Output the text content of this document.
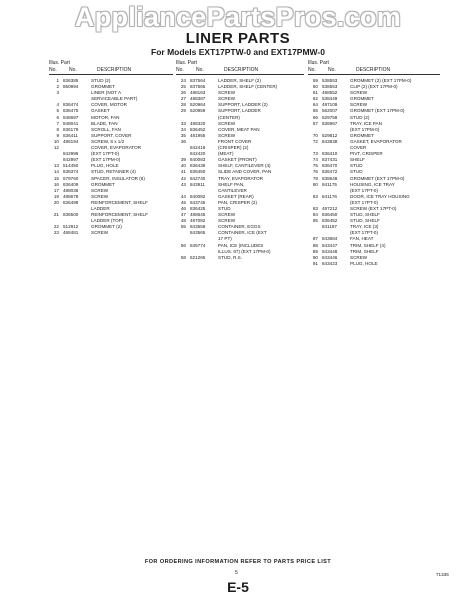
AppliancePartsPros.com
LINER PARTS
For Models EXT17PTW-0 and EXT17PMW-0
Illus. Part
No. No.	DESCRIPTION
1 836385	STUD (2)
2 850994	GROMMET
3	LINER (NOT A
SERVICEABLE PART)
4 836474	COVER, MOTOR
5 836475	GASKET
6 848697	MOTOR, FAN
7 848041	BLADE, FAN
8 836179	SCROLL, FAN
9 836411	SUPPORT, COVER
10 486194	SCREW, 8 x 1/2
12	COVER, EVAPORATOR
842996	(EXT 17PT-0)
842997	(EXT 17PM-0)
13 514450	PLUG, HOLE
14 836374	STUD, RETAINER (4)
15 579760	SPACER, INSULATOR (8)
16 836409	GROMMET
17 488036	SCREW
19 488678	SCREW
20 836498	REINFORCEMENT, SHELF
LADDER
21 836500	REINFORCEMENT, SHELF
LADDER (TOP)
22 512912	GROMMET (2)
23 488481	SCREW
Illus. Part
No. No.	DESCRIPTION
24 837564	LADDER, SHELF (2)
25 837565	LADDER, SHELF (CENTER)
26 488163	SCREW
27 488387	SCREW
28 520964	SUPPORT, LADDER (2)
29 520959	SUPPORT, LADDER
(CENTER)
33 488320	SCREW
34 836452	COVER, MEAT PAN
35 481955	SCREW
36	FRONT COVER
842418	(CRISPER) (2)
842420	(MEAT)
39 840083	GASKET (FRONT)
40 836436	SHELF, CANTILEVER (4)
41 836450	SLIDE AND COVER, PAN
42 842740	TRAY, EVAPORATOR
43 843911	SHELF PAN,
CANTILEVER
44 840082	GASKET (REAR)
45 843745	PAN, CRISPER (2)
46 836425	STUD
47 488645	SCREW
48 487082	SCREW
55 843559	CONTAINER, EGGS
843565	CONTAINER, ICE (EXT
17 PT)
56 845774	PAN, ICE (INCLUDES
ILLUS. 67) (EXT 17PM-0)
58 521265	STUD, R.S.
Illus. Part
No. No.	DESCRIPTION
59 538553	GROMMET (2) (EXT 17PM-0)
60 538553	CLIP (2) (EXT 17PM-0)
61 488552	SCREW
62 538449	GROMMET
64 487109	SCREW
65 562007	GROMMET (EXT 17PM-0)
66 529758	STUD (2)
67 836967	TRAY, ICE PAN
(EXT 17PM-0)
70 529812	GROMMET
72 843838	GASKET, EVAPORATOR
COVER
73 836410	PIVT, CRISPER
74 837431	SHELF
75 836470	STUD
76 836472	STUD
78 838648	GROMMET (EXT 17PM-0)
80 841175	HOUSING, ICE TRAY
(EXT 17PT-0)
83 841176	DOOR, ICE TRAY HOUSING
(EXT 17PT-0)
83 487212	SCREW (EXT 17PT-0)
84 836450	STUD, SHELF
85 836452	STUD, SHELF
841187	TRAY, ICE (3)
(EXT 17PT-0)
87 843684	FAN, HEAT
88 843447	TRIM, SHELF (4)
89 843448	TRIM, SHELF
90 843446	SCREW
91 843423	PLUG, HOLE
FOR ORDERING INFORMATION REFER TO PARTS PRICE LIST
5
E-5
71335
